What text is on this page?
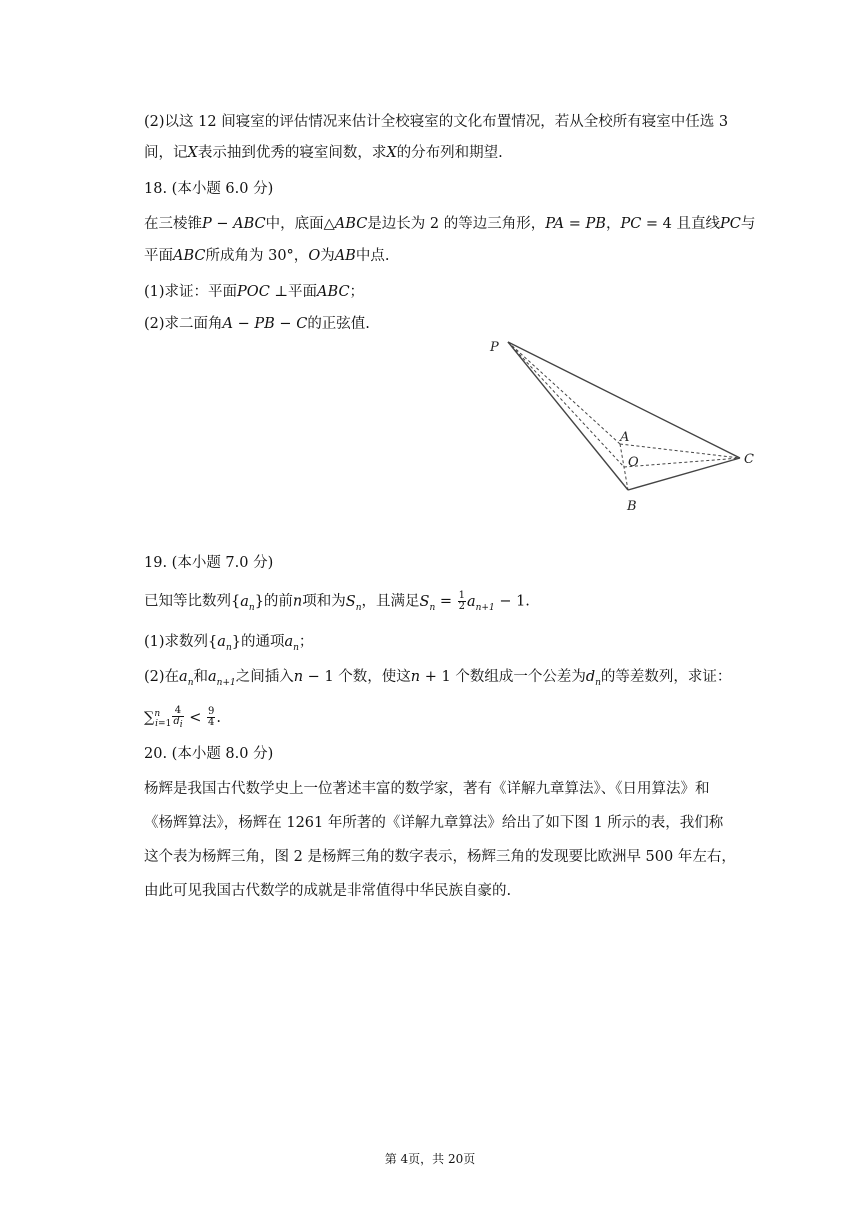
(2)以这 12 间寝室的评估情况来估计全校寝室的文化布置情况，若从全校所有寝室中任选 3
间，记X表示抽到优秀的寝室间数，求X的分布列和期望.
18. (本小题 6.0 分)
在三棱锥P − ABC中，底面△ABC是边长为 2 的等边三角形，PA = PB，PC = 4 且直线PC与
平面ABC所成角为 30°，O为AB中点.
(1)求证：平面POC ⊥平面ABC；
(2)求二面角A − PB − C的正弦值.
P
A
O	C
B
19. (本小题 7.0 分)
已知等比数列$\{a_n\}$的前n项和为$S_n$，且满足$S_n = \frac{1}{2} a_{n+1} - 1$.
(1)求数列$\{a_n\}$的通项$a_n$；
(2)在$a_n$和$a_{n+1}$之间插入n − 1 个数，使这n + 1 个数组成一个公差为$d_n$的等差数列，求证：
$\sum^n_{i=1} \frac{4}{d_i} < \frac{9}{4}$ .
20. (本小题 8.0 分)
杨辉是我国古代数学史上一位著述丰富的数学家，著有《详解九章算法》、《日用算法》和
《杨辉算法》，杨辉在 1261 年所著的《详解九章算法》给出了如下图 1 所示的表，我们称
这个表为杨辉三角，图 2 是杨辉三角的数字表示，杨辉三角的发现要比欧洲早 500 年左右，
由此可见我国古代数学的成就是非常值得中华民族自豪的.
第 4页，共 20页
